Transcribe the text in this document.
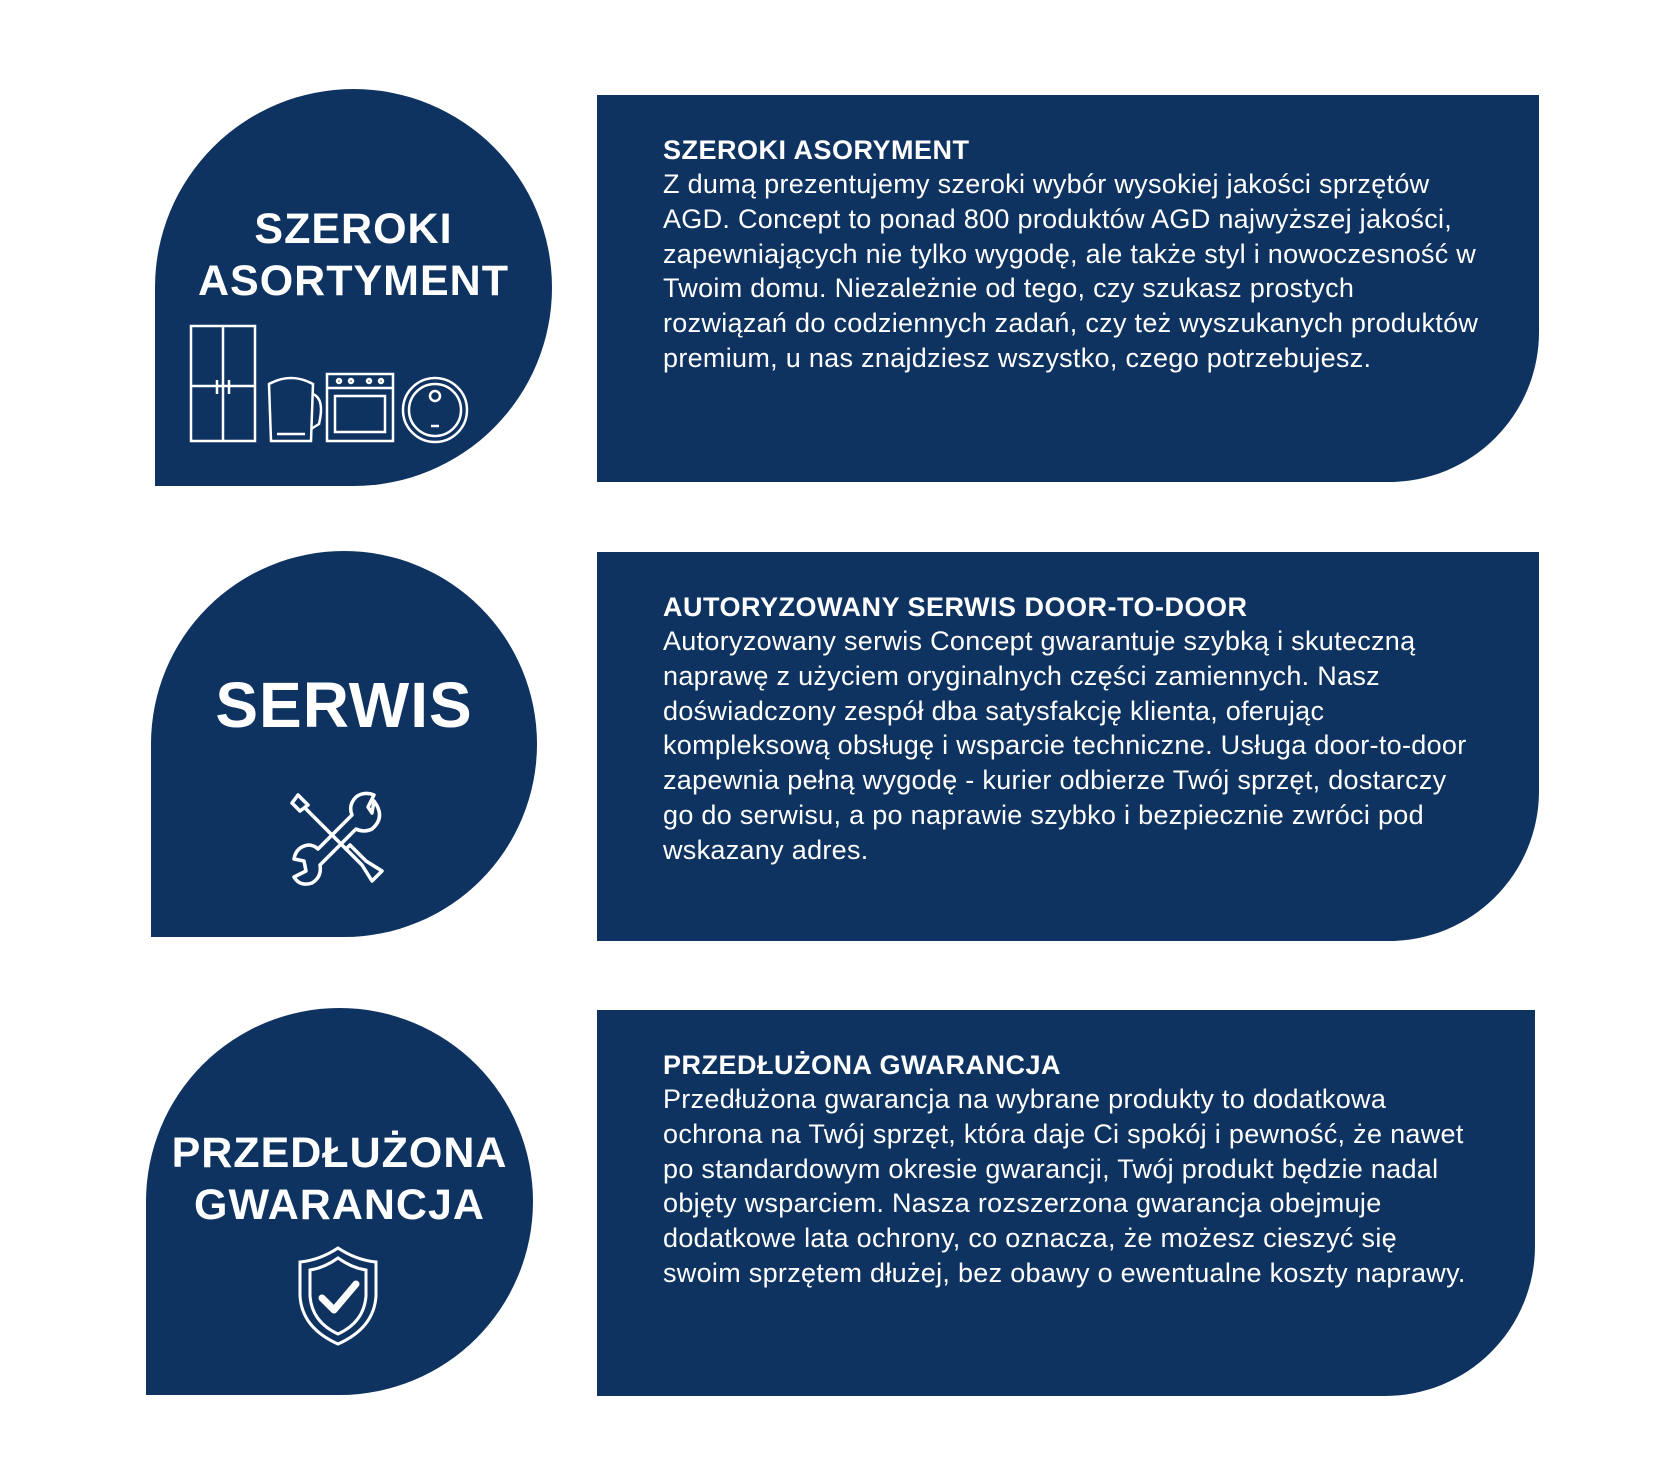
SZEROKI
ASORTYMENT

SZEROKI ASORYMENT

Z dumą prezentujemy szeroki wybór wysokiej jakości sprzętów AGD. Concept to ponad 800 produktów AGD najwyższej jakości, zapewniających nie tylko wygodę, ale także styl i nowoczesność w Twoim domu. Niezależnie od tego, czy szukasz prostych rozwiązań do codziennych zadań, czy też wyszukanych produktów premium, u nas znajdziesz wszystko, czego potrzebujesz.

SERWIS

AUTORYZOWANY SERWIS DOOR-TO-DOOR

Autoryzowany serwis Concept gwarantuje szybką i skuteczną naprawę z użyciem oryginalnych części zamiennych. Nasz doświadczony zespół dba satysfakcję klienta, oferując kompleksową obsługę i wsparcie techniczne. Usługa door-to-door zapewnia pełną wygodę - kurier odbierze Twój sprzęt, dostarczy go do serwisu, a po naprawie szybko i bezpiecznie zwróci pod wskazany adres.

PRZEDŁUŻONA
GWARANCJA

PRZEDŁUŻONA GWARANCJA

Przedłużona gwarancja na wybrane produkty to dodatkowa ochrona na Twój sprzęt, która daje Ci spokój i pewność, że nawet po standardowym okresie gwarancji, Twój produkt będzie nadal objęty wsparciem. Nasza rozszerzona gwarancja obejmuje dodatkowe lata ochrony, co oznacza, że możesz cieszyć się swoim sprzętem dłużej, bez obawy o ewentualne koszty naprawy.
